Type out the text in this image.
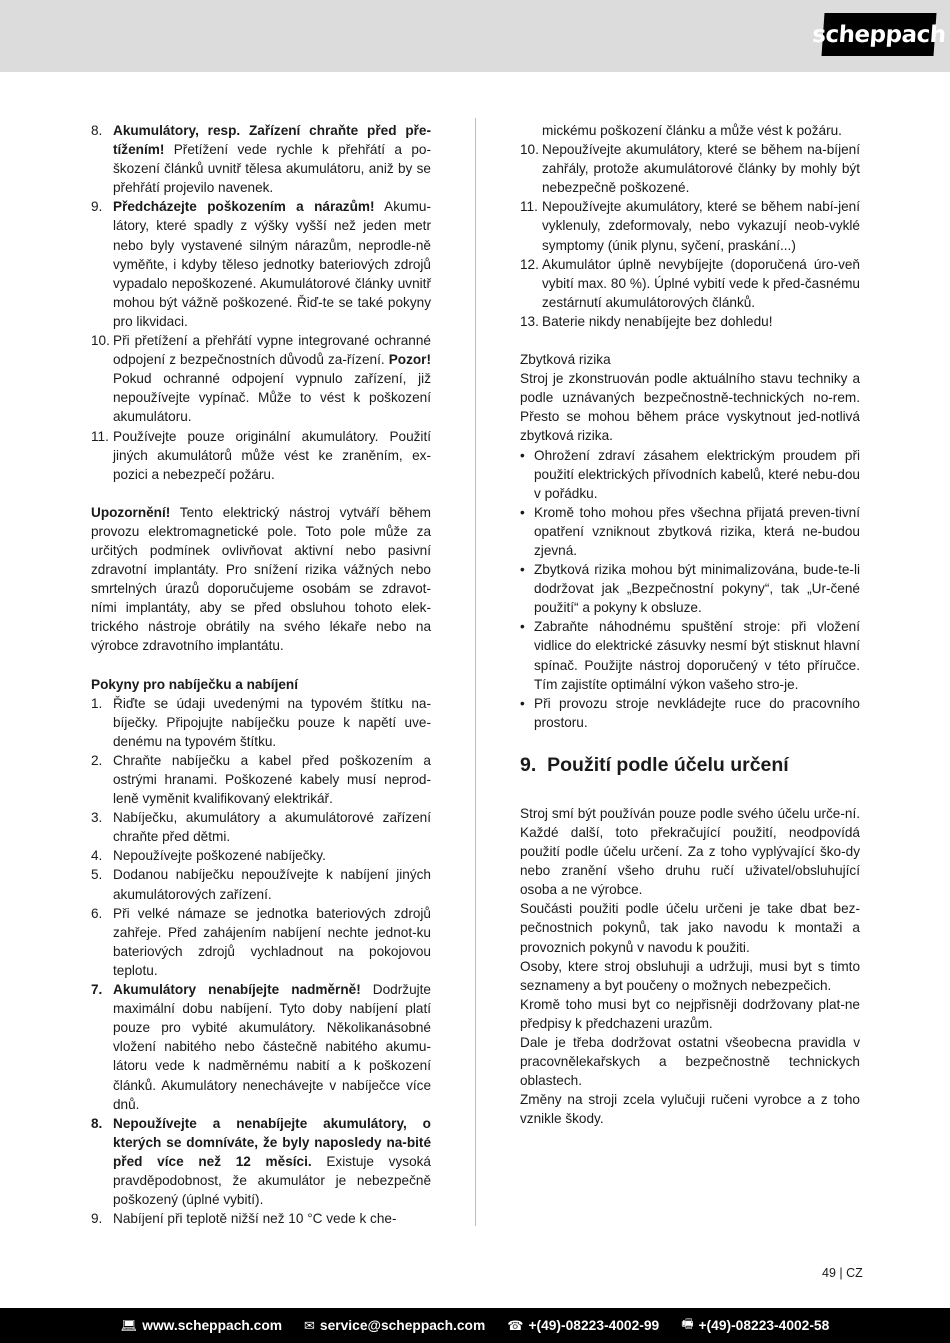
scheppach

8. Akumulátory, resp. Zařízení chraňte před pře-tížením! Přetížení vede rychle k přehřátí a po-škození článků uvnitř tělesa akumulátoru, aniž by se přehřátí projevilo navenek.

9. Předcházejte poškozením a nárazům! Akumu-látory, které spadly z výšky vyšší než jeden metr nebo byly vystavené silným nárazům, neprodle-ně vyměňte, i kdyby těleso jednotky bateriových zdrojů vypadalo nepoškozené. Akumulátorové články uvnitř mohou být vážně poškozené. Řiď-te se také pokyny pro likvidaci.

10. Při přetížení a přehřátí vypne integrované ochranné odpojení z bezpečnostních důvodů za-řízení. Pozor! Pokud ochranné odpojení vypnulo zařízení, již nepoužívejte vypínač. Může to vést k poškození akumulátoru.

11. Používejte pouze originální akumulátory. Použití jiných akumulátorů může vést ke zraněním, ex-pozici a nebezpečí požáru.

Upozornění! Tento elektrický nástroj vytváří během provozu elektromagnetické pole. Toto pole může za určitých podmínek ovlivňovat aktivní nebo pasivní zdravotní implantáty. Pro snížení rizika vážných nebo smrtelných úrazů doporučujeme osobám se zdravot-ními implantáty, aby se před obsluhou tohoto elek-trického nástroje obrátily na svého lékaře nebo na výrobce zdravotního implantátu.

Pokyny pro nabíječku a nabíjení

1. Řiďte se údaji uvedenými na typovém štítku na-bíječky. Připojujte nabíječku pouze k napětí uve-denému na typovém štítku.

2. Chraňte nabíječku a kabel před poškozením a ostrými hranami. Poškozené kabely musí neprod-leně vyměnit kvalifikovaný elektrikář.

3. Nabíječku, akumulátory a akumulátorové zařízení chraňte před dětmi.

4. Nepoužívejte poškozené nabíječky.

5. Dodanou nabíječku nepoužívejte k nabíjení jiných akumulátorových zařízení.

6. Při velké námaze se jednotka bateriových zdrojů zahřeje. Před zahájením nabíjení nechte jednot-ku bateriových zdrojů vychladnout na pokojovou teplotu.

7. Akumulátory nenabíjejte nadměrně! Dodržujte maximální dobu nabíjení. Tyto doby nabíjení platí pouze pro vybité akumulátory. Několikanásobné vložení nabitého nebo částečně nabitého akumu-látoru vede k nadměrnému nabití a k poškození článků. Akumulátory nenechávejte v nabíječce více dnů.

8. Nepoužívejte a nenabíjejte akumulátory, o kterých se domníváte, že byly naposledy na-bité před více než 12 měsíci. Existuje vysoká pravděpodobnost, že akumulátor je nebezpečně poškozený (úplné vybití).

9. Nabíjení při teplotě nižší než 10 °C vede k che-

mickému poškození článku a může vést k požáru.

10. Nepoužívejte akumulátory, které se během na-bíjení zahřály, protože akumulátorové články by mohly být nebezpečně poškozené.

11. Nepoužívejte akumulátory, které se během nabí-jení vyklenuly, zdeformovaly, nebo vykazují neob-vyklé symptomy (únik plynu, syčení, praskání...)

12. Akumulátor úplně nevybíjejte (doporučená úro-veň vybití max. 80 %). Úplné vybití vede k před-časnému zestárnutí akumulátorových článků.

13. Baterie nikdy nenabíjejte bez dohledu!

Zbytková rizika

Stroj je zkonstruován podle aktuálního stavu techniky a podle uznávaných bezpečnostně-technických no-rem. Přesto se mohou během práce vyskytnout jed-notlivá zbytková rizika.

• Ohrožení zdraví zásahem elektrickým proudem při použití elektrických přívodních kabelů, které nebu-dou v pořádku.

• Kromě toho mohou přes všechna přijatá preven-tivní opatření vzniknout zbytková rizika, která ne-budou zjevná.

• Zbytková rizika mohou být minimalizována, bude-te-li dodržovat jak „Bezpečnostní pokyny“, tak „Ur-čené použití“ a pokyny k obsluze.

• Zabraňte náhodnému spuštění stroje: při vložení vidlice do elektrické zásuvky nesmí být stisknut hlavní spínač. Použijte nástroj doporučený v této příručce. Tím zajistíte optimální výkon vašeho stro-je.

• Při provozu stroje nevkládejte ruce do pracovního prostoru.

9. Použití podle účelu určení

Stroj smí být používán pouze podle svého účelu urče-ní. Každé další, toto překračující použití, neodpovídá použití podle účelu určení. Za z toho vyplývající ško-dy nebo zranění všeho druhu ručí uživatel/obsluhující osoba a ne výrobce.

Součásti použiti podle účelu určeni je take dbat bez-pečnostnich pokynů, tak jako navodu k montaži a provoznich pokynů v navodu k použiti.

Osoby, ktere stroj obsluhuji a udržuji, musi byt s timto seznameny a byt poučeny o možnych nebezpečich.

Kromě toho musi byt co nejpřisněji dodržovany plat-ne předpisy k předchazeni urazům.

Dale je třeba dodržovat ostatni všeobecna pravidla v pracovnělekařskych a bezpečnostně technickych oblastech.

Změny na stroji zcela vylučuji ručeni vyrobce a z toho vznikle škody.

49 | CZ
💻︎ www.scheppach.com ✉︎ service@scheppach.com ☎︎ +(49)-08223-4002-99 🖷︎ +(49)-08223-4002-58
